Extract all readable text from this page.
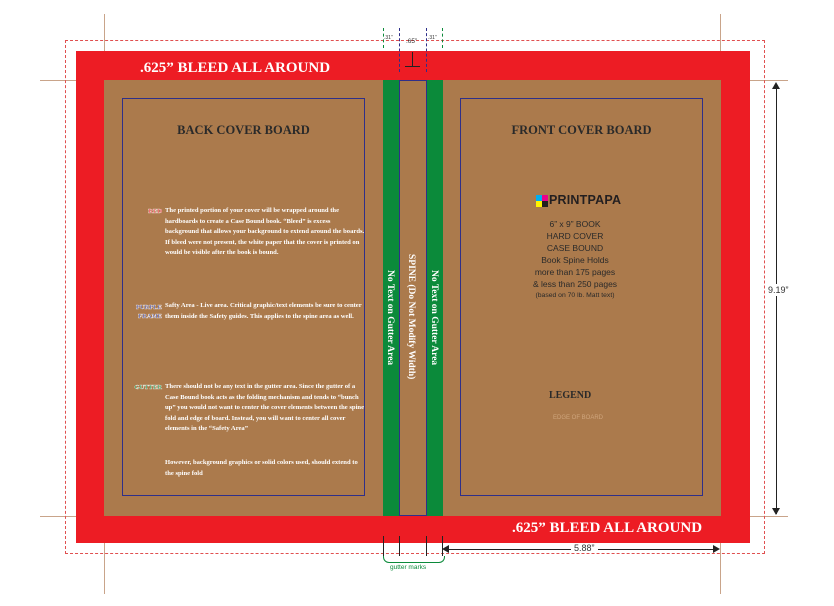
.625” BLEED ALL AROUND
.625” BLEED ALL AROUND
BACK COVER BOARD
RED The printed portion of your cover will be wrapped around the hardboards to create a Case Bound book. “Bleed” is excess background that allows your background to extend around the boards. If bleed were not present, the white paper that the cover is printed on would be visible after the book is bound.
PURPLE FRAME
Safty Area - Live area. Critical graphic/text elements be sure to center them inside the Safety guides. This applies to the spine area as well.
GUTTER There should not be any text in the gutter area. Since the gutter of a Case Bound book acts as the folding mechanism and tends to “bunch up” you would not want to center the cover elements between the spine fold and edge of board. Instead, you will want to center all cover elements in the “Safety Area”
However, background graphics or solid colors used, should extend to the spine fold
No Text on Gutter Area SPINE (Do Not Modify Width) No Text on Gutter Area
FRONT COVER BOARD
PRINTPAPA
6” x 9” BOOK
HARD COVER
CASE BOUND
Book Spine Holds
more than 175 pages
& less than 250 pages
(based on 70 lb. Matt text)
LEGEND
EDGE OF BOARD
.31” .65” .31”
gutter marks
9.19”
5.88”
